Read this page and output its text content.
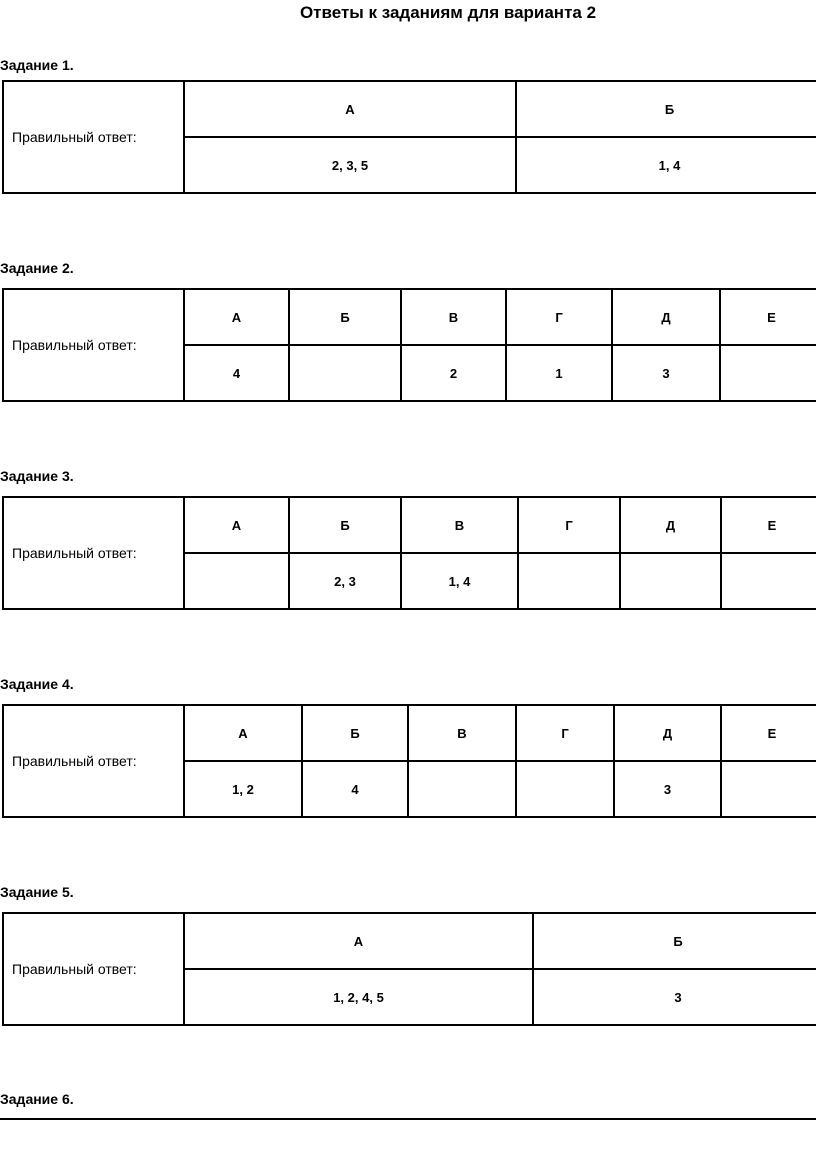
Ответы к заданиям для варианта 2
Задание 1.
Правильный ответ:	А	Б
	2, 3, 5	1, 4
Задание 2.
Правильный ответ:	А	Б	В	Г	Д	Е
	4		2	1	3	
Задание 3.
Правильный ответ:	А	Б	В	Г	Д	Е
		2, 3	1, 4			
Задание 4.
Правильный ответ:	А	Б	В	Г	Д	Е
	1, 2	4			3	
Задание 5.
Правильный ответ:	А	Б
	1, 2, 4, 5	3
Задание 6.
